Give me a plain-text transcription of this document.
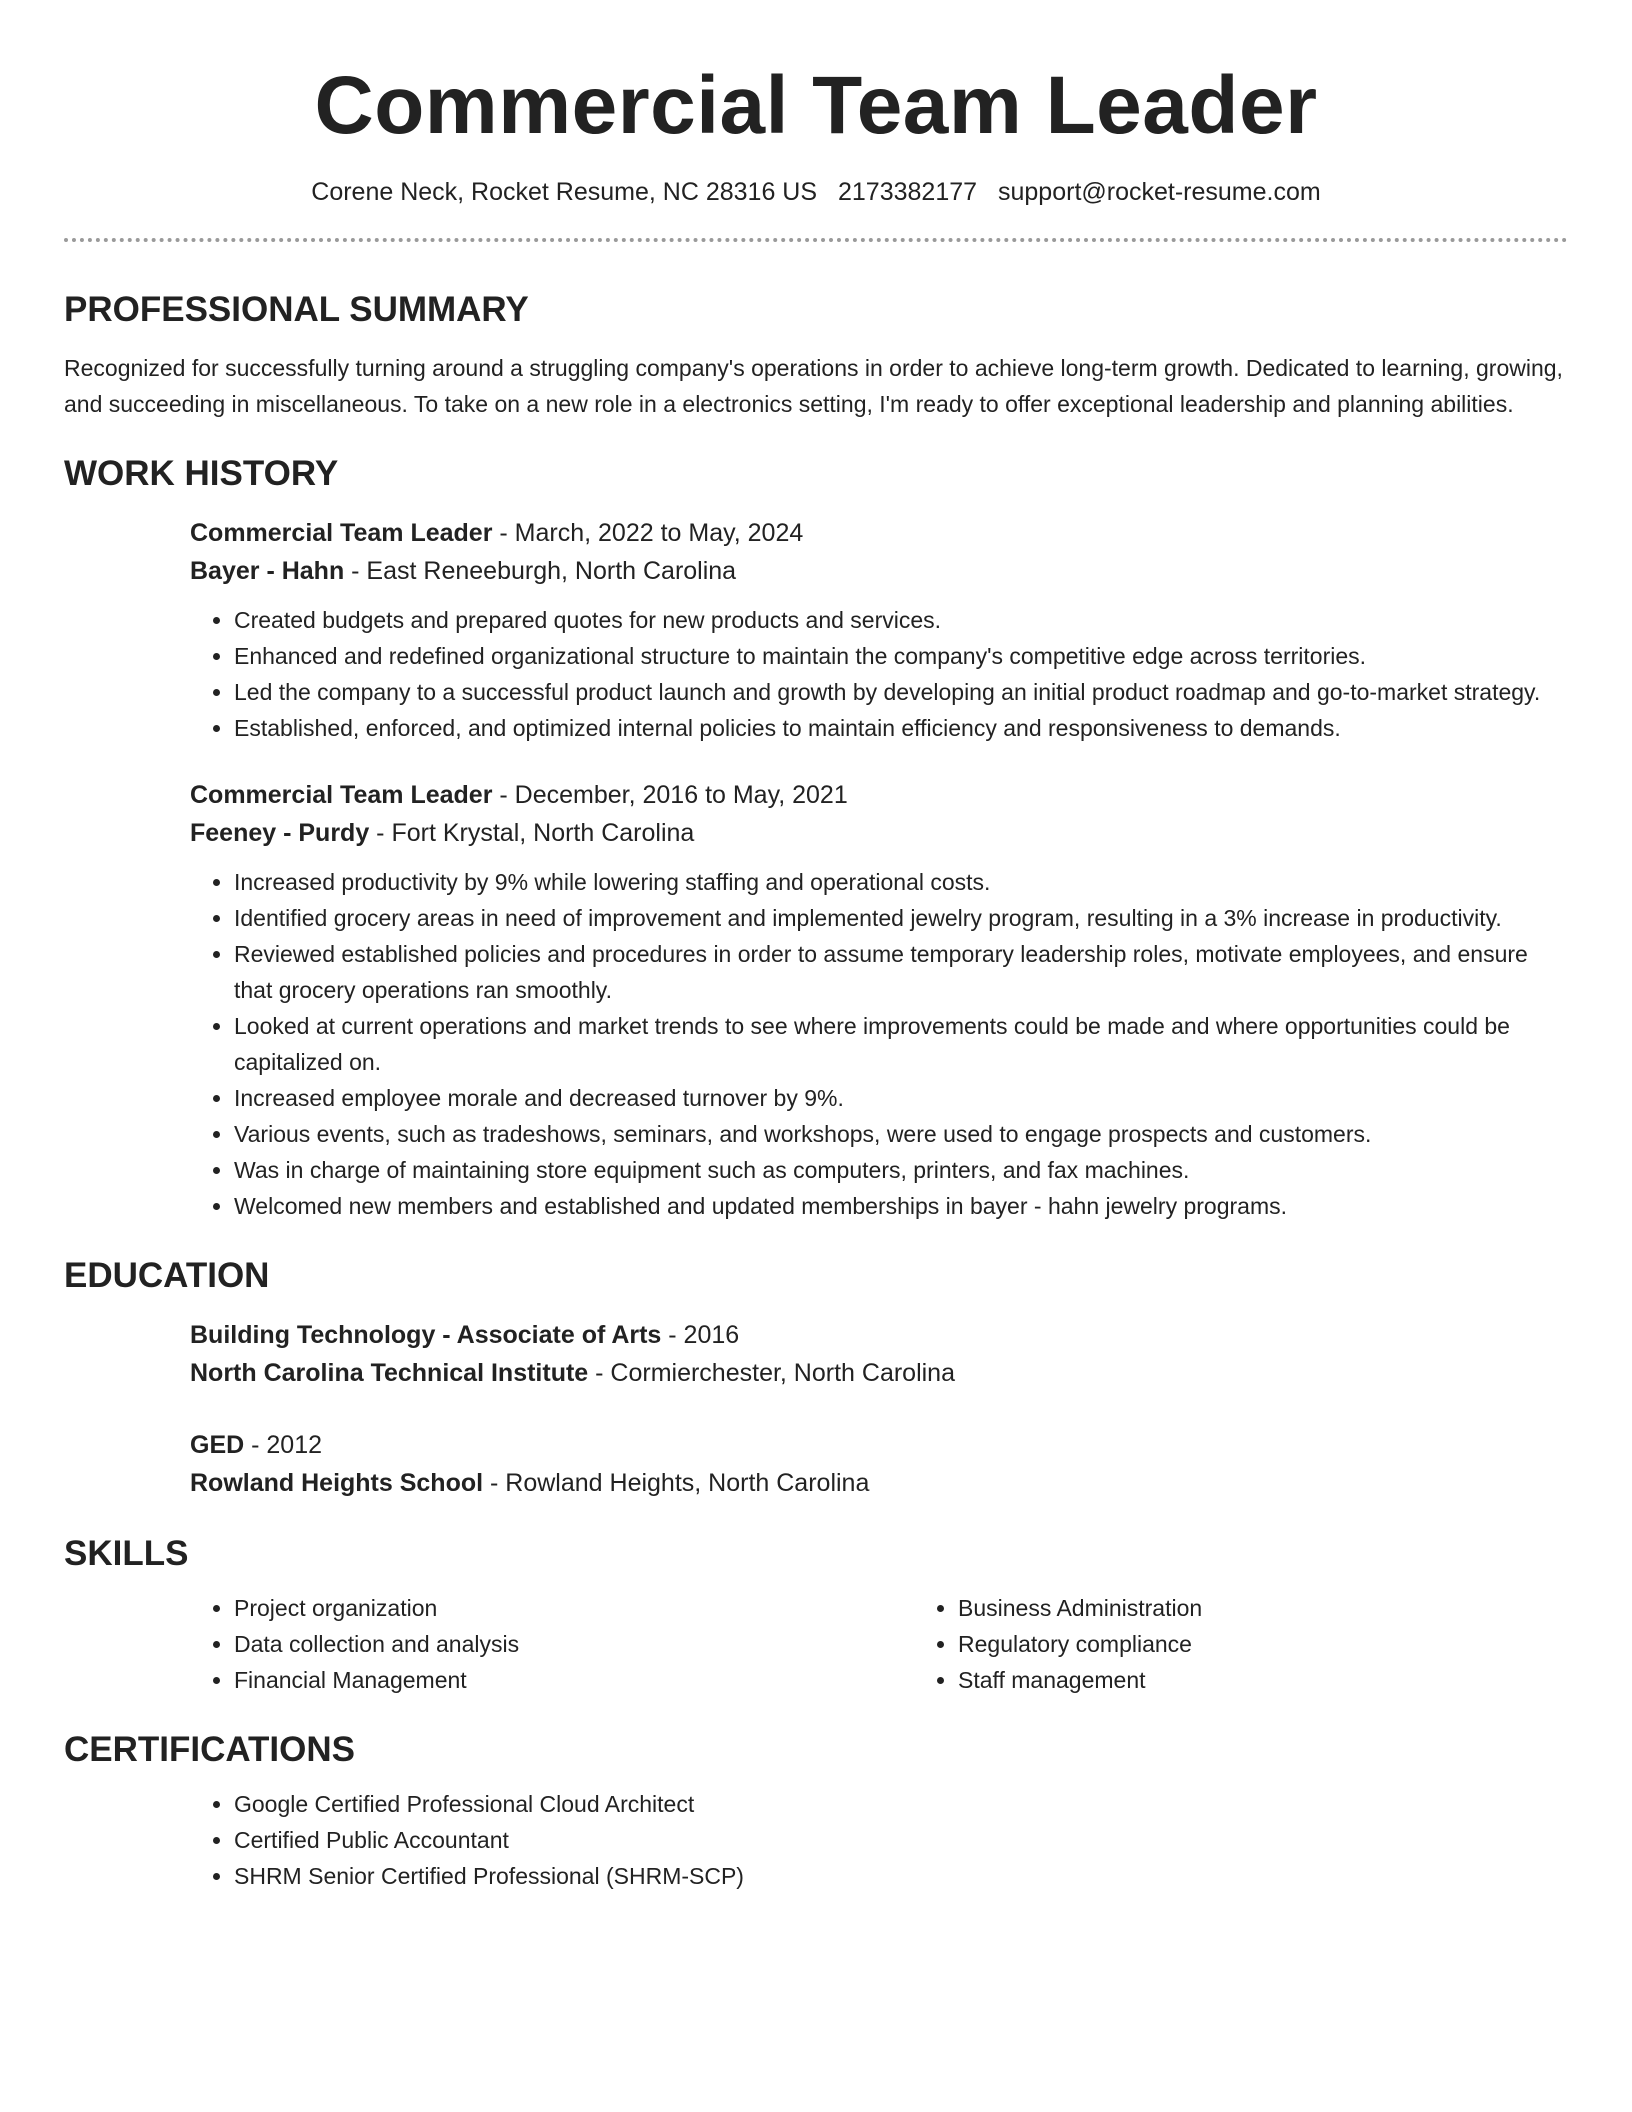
Commercial Team Leader
Corene Neck, Rocket Resume, NC 28316 US 2173382177 support@rocket-resume.com
PROFESSIONAL SUMMARY

Recognized for successfully turning around a struggling company's operations in order to achieve long-term growth. Dedicated to learning, growing, and succeeding in miscellaneous. To take on a new role in a electronics setting, I'm ready to offer exceptional leadership and planning abilities.

WORK HISTORY
Commercial Team Leader - March, 2022 to May, 2024
Bayer - Hahn - East Reneeburgh, North Carolina
• Created budgets and prepared quotes for new products and services.
• Enhanced and redefined organizational structure to maintain the company's competitive edge across territories.
• Led the company to a successful product launch and growth by developing an initial product roadmap and go-to-market strategy.
• Established, enforced, and optimized internal policies to maintain efficiency and responsiveness to demands.
Commercial Team Leader - December, 2016 to May, 2021
Feeney - Purdy - Fort Krystal, North Carolina
• Increased productivity by 9% while lowering staffing and operational costs.
• Identified grocery areas in need of improvement and implemented jewelry program, resulting in a 3% increase in productivity.
• Reviewed established policies and procedures in order to assume temporary leadership roles, motivate employees, and ensure that grocery operations ran smoothly.
• Looked at current operations and market trends to see where improvements could be made and where opportunities could be capitalized on.
• Increased employee morale and decreased turnover by 9%.
• Various events, such as tradeshows, seminars, and workshops, were used to engage prospects and customers.
• Was in charge of maintaining store equipment such as computers, printers, and fax machines.
• Welcomed new members and established and updated memberships in bayer - hahn jewelry programs.
EDUCATION
Building Technology - Associate of Arts - 2016
North Carolina Technical Institute - Cormierchester, North Carolina
GED - 2012
Rowland Heights School - Rowland Heights, North Carolina
SKILLS
• Project organization
• Data collection and analysis
• Financial Management
• Business Administration
• Regulatory compliance
• Staff management
CERTIFICATIONS
• Google Certified Professional Cloud Architect
• Certified Public Accountant
• SHRM Senior Certified Professional (SHRM-SCP)
